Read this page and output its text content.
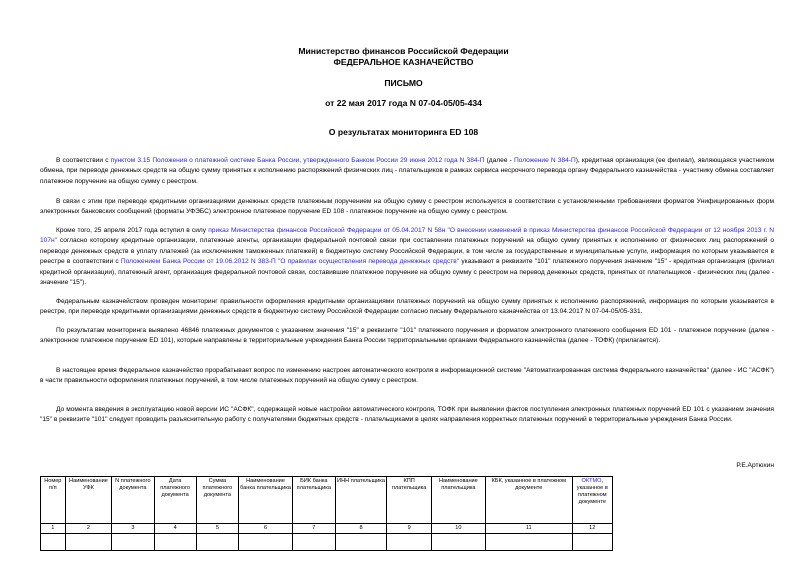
Министерство финансов Российской Федерации
ФЕДЕРАЛЬНОЕ КАЗНАЧЕЙСТВО
ПИСЬМО
от 22 мая 2017 года N 07-04-05/05-434
О результатах мониторинга ED 108
В соответствии с пунктом 3.15 Положения о платежной системе Банка России, утвержденного Банком России 29 июня 2012 года N 384-П (далее - Положение N 384-П), кредитная организация (ее филиал), являющаяся участником обмена, при переводе денежных средств на общую сумму принятых к исполнению распоряжений физических лиц - плательщиков в рамках сервиса несрочного перевода органу Федерального казначейства - участнику обмена составляет платежное поручение на общую сумму с реестром.
В связи с этим при переводе кредитными организациями денежных средств платежным поручением на общую сумму с реестром используется в соответствии с установленными требованиями форматов Унифицированных форм электронных банковских сообщений (форматы УФЭБС) электронное платежное поручение ED 108 - платежное поручение на общую сумму с реестром.
Кроме того, 25 апреля 2017 года вступил в силу приказ Министерства финансов Российской Федерации от 05.04.2017 N 58н "О внесении изменений в приказ Министерства финансов Российской Федерации от 12 ноября 2013 г. N 107н" согласно которому кредитные организации, платежные агенты, организации федеральной почтовой связи при составлении платежных поручений на общую сумму принятых к исполнению от физических лиц распоряжений о переводе денежных средств в уплату платежей (за исключением таможенных платежей) в бюджетную систему Российской Федерации, в том числе за государственные и муниципальные услуги, информация по которым указывается в реестре в соответствии с Положением Банка России от 19.06.2012 N 383-П "О правилах осуществления перевода денежных средств" указывают в реквизите "101" платежного поручения значение "15" - кредитная организация (филиал кредитной организации), платежный агент, организация федеральной почтовой связи, составившие платежное поручение на общую сумму с реестром на перевод денежных средств, принятых от плательщиков - физических лиц (далее - значение "15").
Федеральным казначейством проведен мониторинг правильности оформления кредитными организациями платежных поручений на общую сумму принятых к исполнению распоряжений, информация по которым указывается в реестре, при переводе кредитными организациями денежных средств в бюджетную систему Российской Федерации согласно письму Федерального казначейства от 13.04.2017 N 07-04-05/05-331.
По результатам мониторинга выявлено 46846 платежных документов с указанием значения "15" в реквизите "101" платежного поручения и форматом электронного платежного сообщения ED 101 - платежное поручение (далее - электронное платежное поручение ED 101), которые направлены в территориальные учреждения Банка России территориальными органами Федерального казначейства (далее - ТОФК) (прилагается).
В настоящее время Федеральное казначейство прорабатывает вопрос по изменению настроек автоматического контроля в информационной системе "Автоматизированная система Федерального казначейства" (далее - ИС "АСФК") в части правильности оформления платежных поручений, в том числе платежных поручений на общую сумму с реестром.
До момента введения в эксплуатацию новой версии ИС "АСФК", содержащей новые настройки автоматического контроля, ТОФК при выявлении фактов поступления электронных платежных поручений ED 101 с указанием значения "15" в реквизите "101" следует проводить разъяснительную работу с получателями бюджетных средств - плательщиками в целях направления корректных платежных поручений в территориальные учреждения Банка России.
Р.Е.Артюхин
Номер п/п	Наименование УФК	N платежного документа	Дата платежного документа	Сумма платежного документа	Наименование банка плательщика	БИК банка плательщика	ИНН плательщика	КПП плательщика	Наименование плательщика	КБК, указанное в платежном документе	ОКТМО, указанное в платежном документе
1	2	3	4	5	6	7	8	9	10	11	12
